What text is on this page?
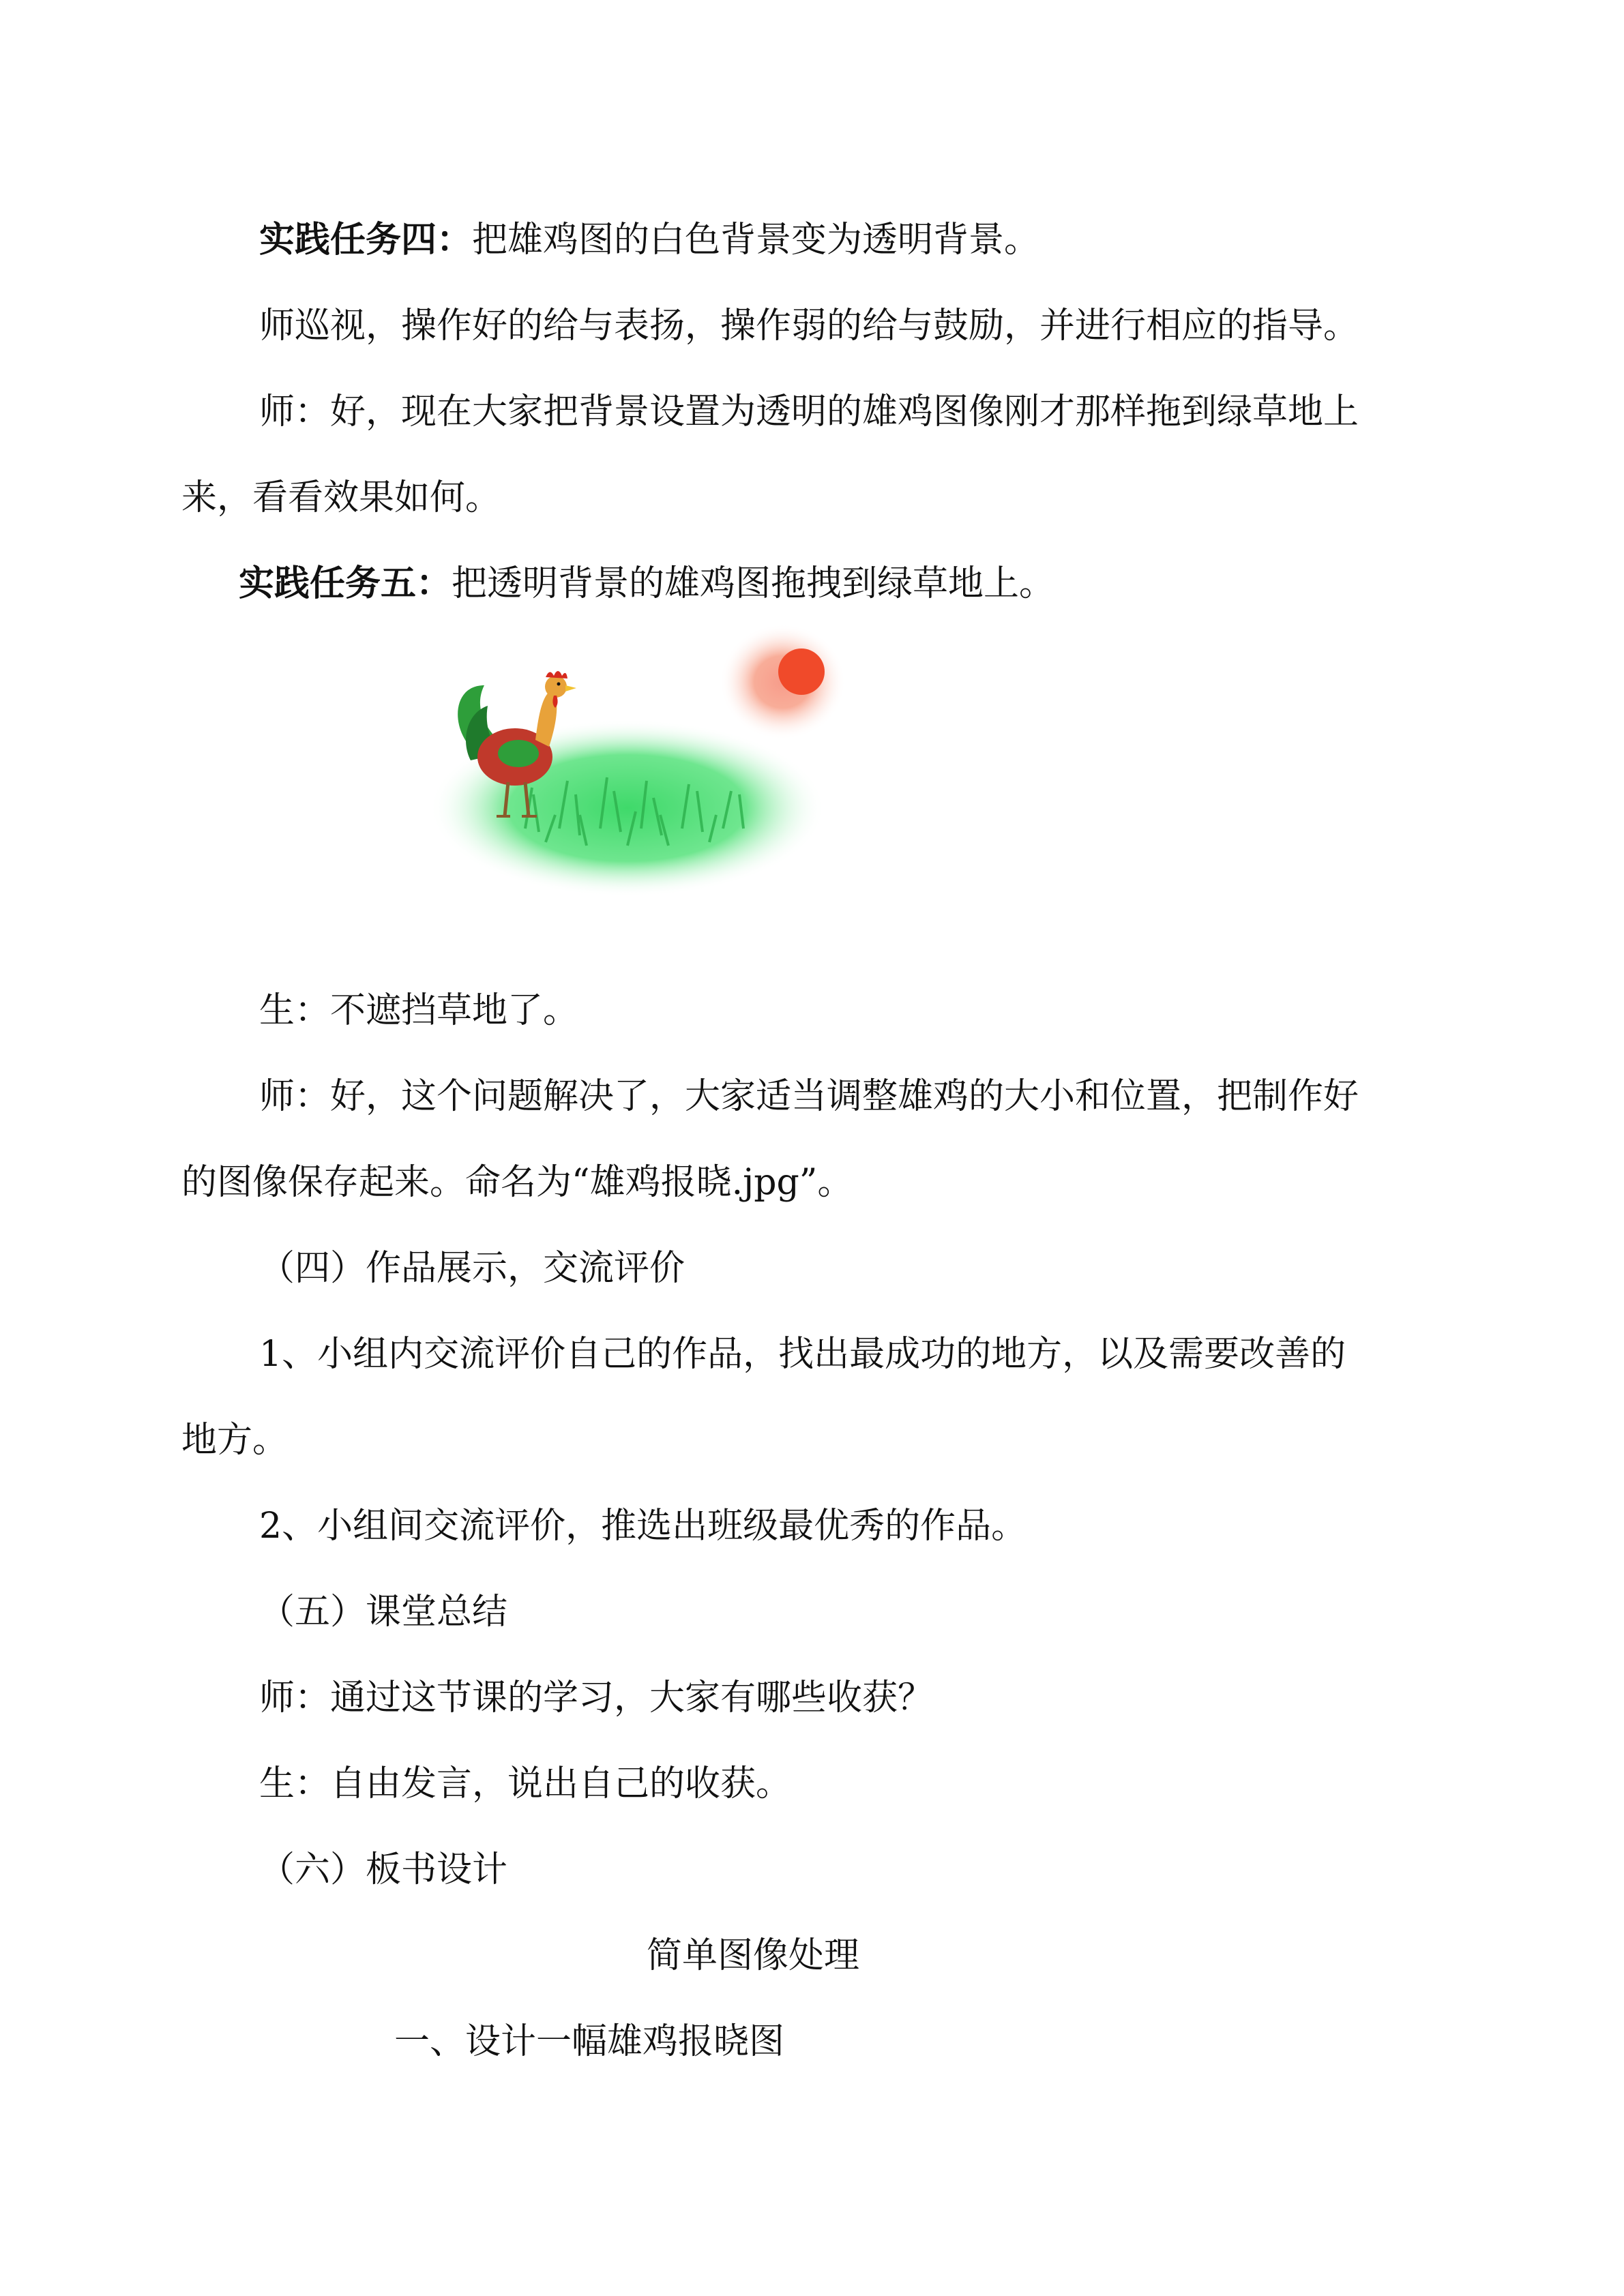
实践任务四：把雄鸡图的白色背景变为透明背景。
师巡视，操作好的给与表扬，操作弱的给与鼓励，并进行相应的指导。
师：好，现在大家把背景设置为透明的雄鸡图像刚才那样拖到绿草地上
来，看看效果如何。
实践任务五：把透明背景的雄鸡图拖拽到绿草地上。
生：不遮挡草地了。
师：好，这个问题解决了，大家适当调整雄鸡的大小和位置，把制作好
的图像保存起来。命名为“雄鸡报晓.jpg”。
（四）作品展示，交流评价
1、小组内交流评价自己的作品，找出最成功的地方，以及需要改善的
地方。
2、小组间交流评价，推选出班级最优秀的作品。
（五）课堂总结
师：通过这节课的学习，大家有哪些收获？
生：自由发言，说出自己的收获。
（六）板书设计
简单图像处理
一、设计一幅雄鸡报晓图
